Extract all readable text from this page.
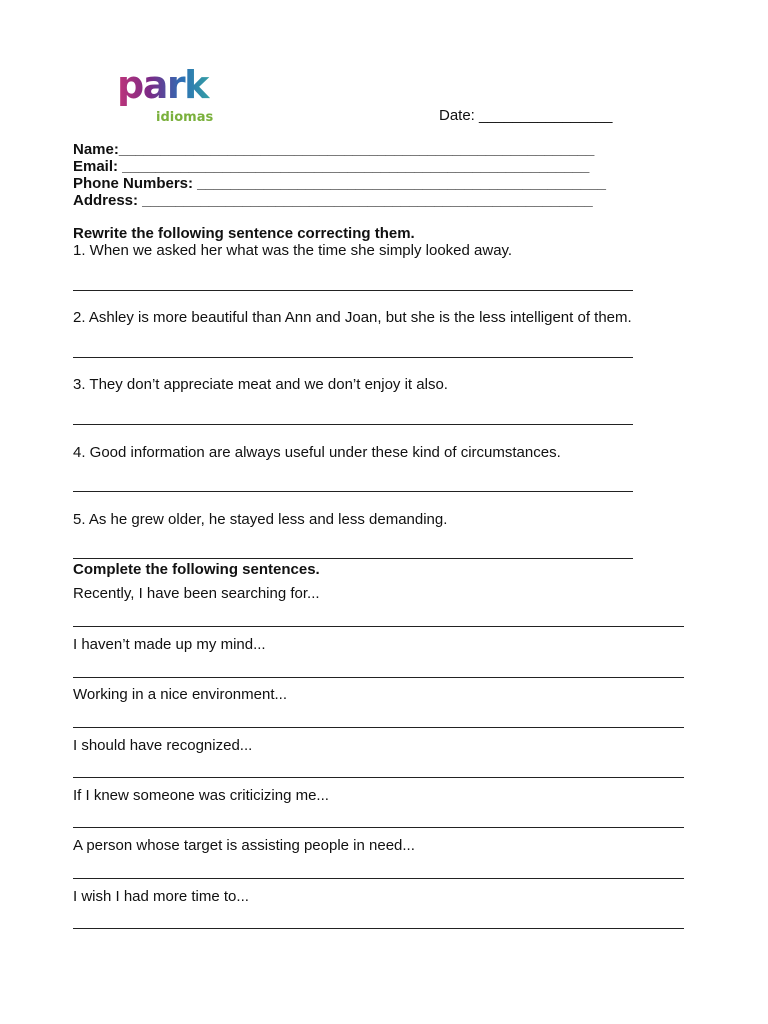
park
idiomas	Date: ________________
Name:_________________________________________________________
Email: ________________________________________________________
Phone Numbers: _________________________________________________
Address: ______________________________________________________
Rewrite the following sentence correcting them.
1. When we asked her what was the time she simply looked away.
2. Ashley is more beautiful than Ann and Joan, but she is the less intelligent of them.
3. They don’t appreciate meat and we don’t enjoy it also.
4. Good information are always useful under these kind of circumstances.
5. As he grew older, he stayed less and less demanding.
Complete the following sentences.
Recently, I have been searching for...
I haven’t made up my mind...
Working in a nice environment...
I should have recognized...
If I knew someone was criticizing me...
A person whose target is assisting people in need...
I wish I had more time to...
